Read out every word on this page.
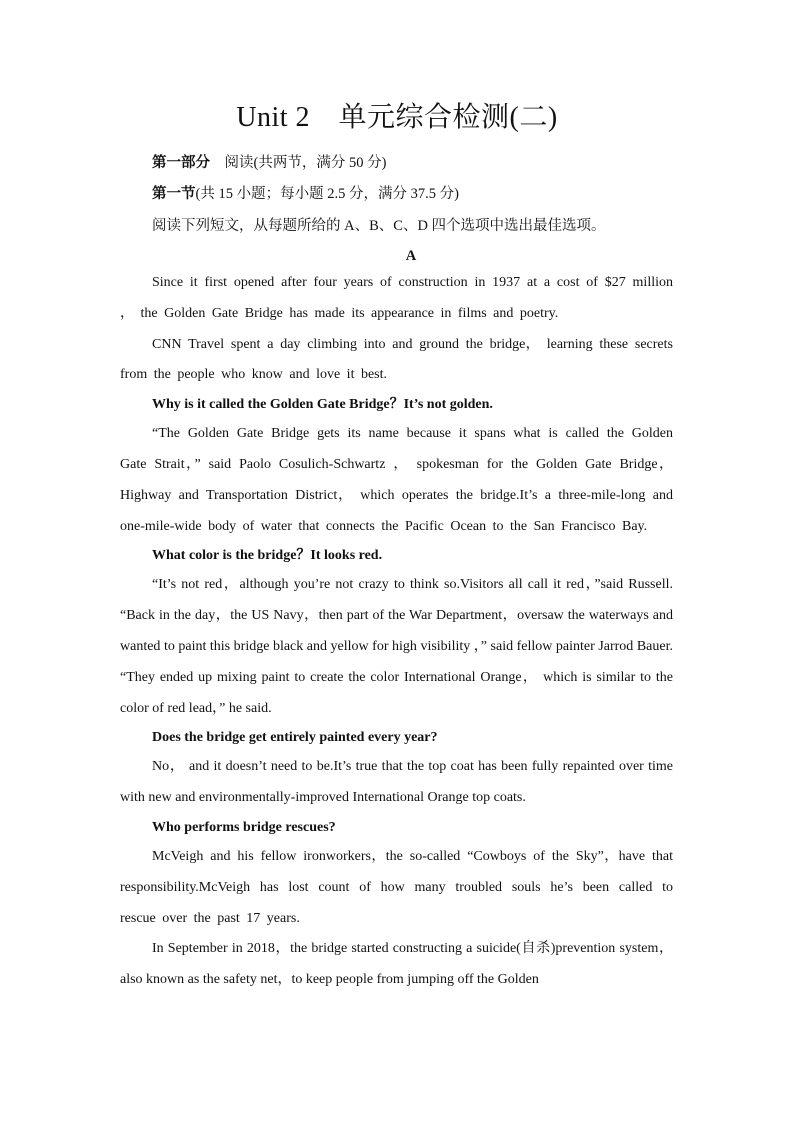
Unit 2　单元综合检测(二)
第一部分　阅读(共两节，满分 50 分)
第一节(共 15 小题；每小题 2.5 分，满分 37.5 分)
阅读下列短文，从每题所给的 A、B、C、D 四个选项中选出最佳选项。
A

Since it first opened after four years of construction in 1937 at a cost of $27 million ， the Golden Gate Bridge has made its appearance in films and poetry.

CNN Travel spent a day climbing into and ground the bridge， learning these secrets from the people who know and love it best.

Why is it called the Golden Gate Bridge？It’s not golden.

“The Golden Gate Bridge gets its name because it spans what is called the Golden Gate Strait，” said Paolo Cosulich-Schwartz ， spokesman for the Golden Gate Bridge， Highway and Transportation District， which operates the bridge.It’s a three-mile-long and one-mile-wide body of water that connects the Pacific Ocean to the San Francisco Bay.

What color is the bridge？It looks red.

“It’s not red，although you’re not crazy to think so.Visitors all call it red，”said Russell. “Back in the day，the US Navy，then part of the War Department，oversaw the waterways and wanted to paint this bridge black and yellow for high visibility ，” said fellow painter Jarrod Bauer. “They ended up mixing paint to create the color International Orange， which is similar to the color of red lead，” he said.

Does the bridge get entirely painted every year?

No， and it doesn’t need to be.It’s true that the top coat has been fully repainted over time with new and environmentally-improved International Orange top coats.

Who performs bridge rescues?

McVeigh and his fellow ironworkers，the so-called “Cowboys of the Sky”，have that responsibility.McVeigh has lost count of how many troubled souls he’s been called to rescue over the past 17 years.

In September in 2018，the bridge started constructing a suicide(自杀)prevention system， also known as the safety net，to keep people from jumping off the Golden
